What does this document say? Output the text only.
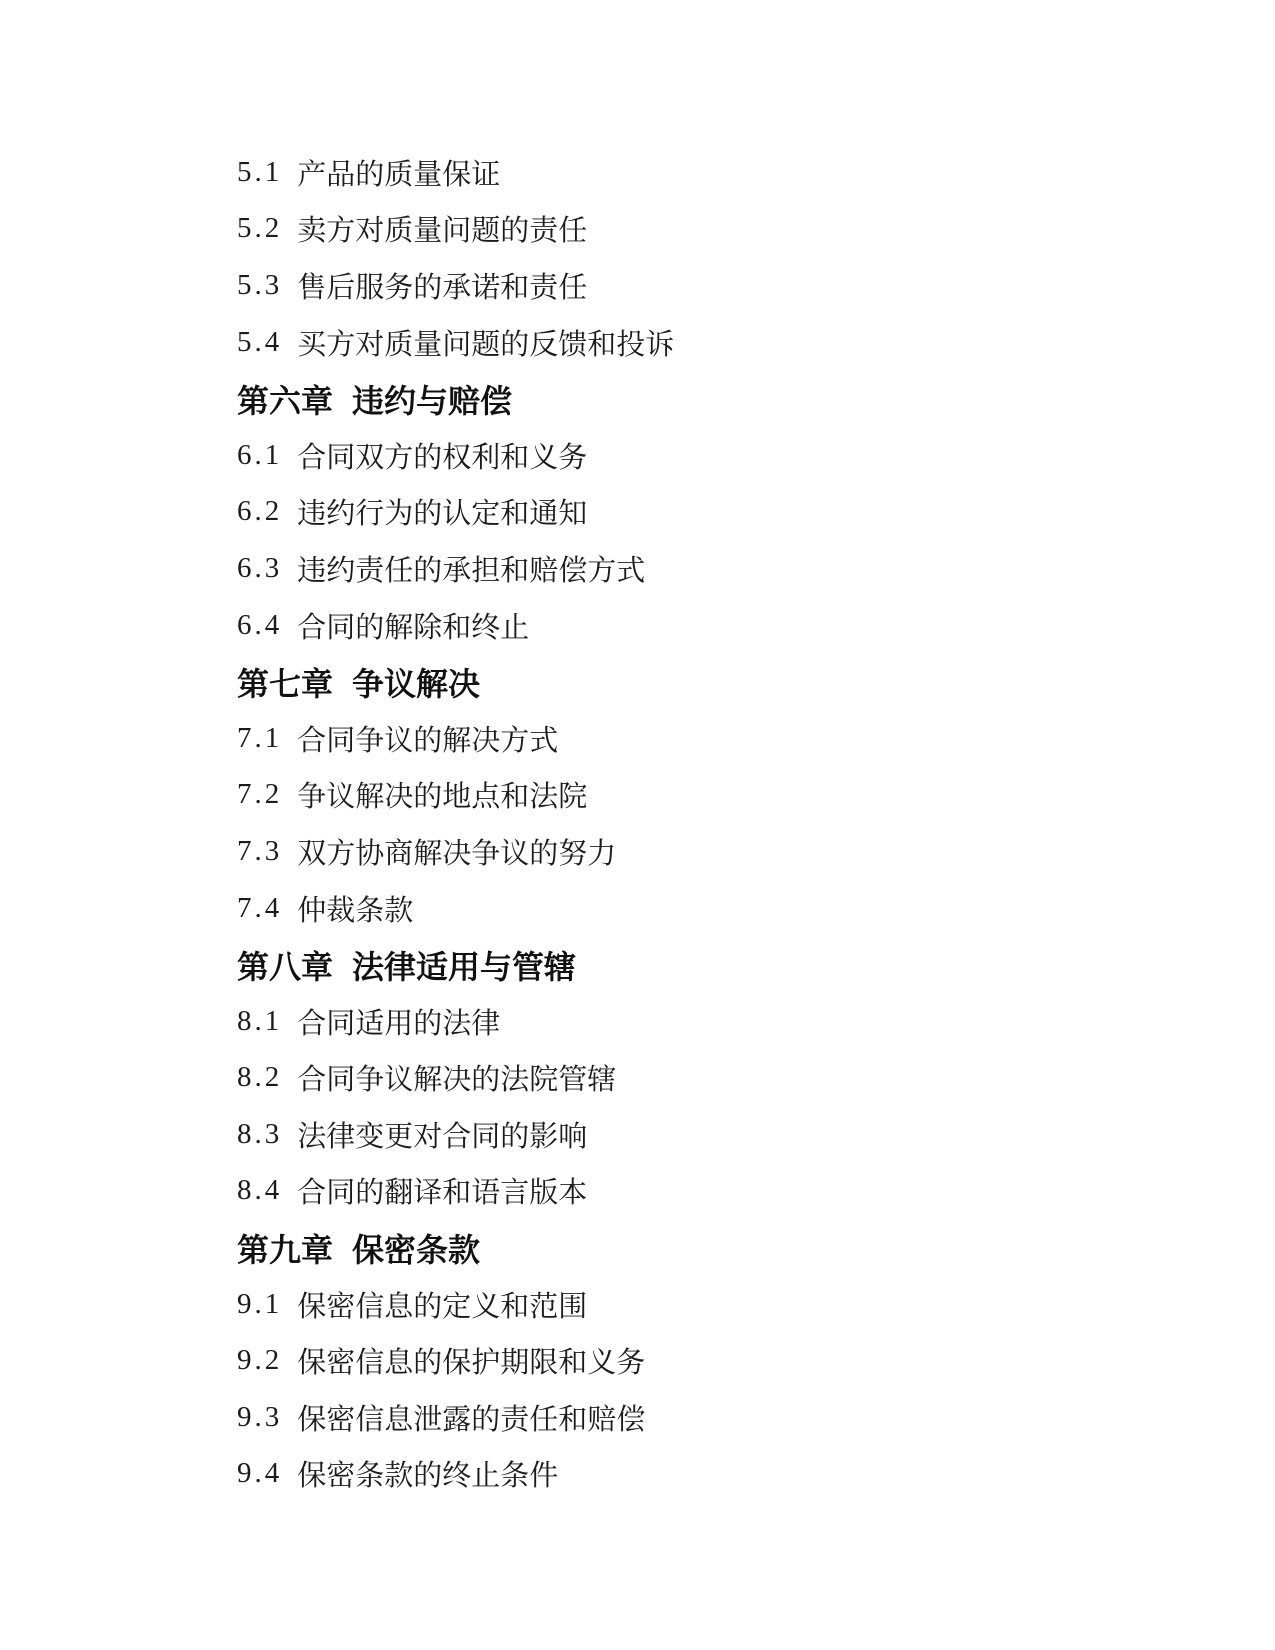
5.1 产品的质量保证
5.2 卖方对质量问题的责任
5.3 售后服务的承诺和责任
5.4 买方对质量问题的反馈和投诉
第六章 违约与赔偿
6.1 合同双方的权利和义务
6.2 违约行为的认定和通知
6.3 违约责任的承担和赔偿方式
6.4 合同的解除和终止
第七章 争议解决
7.1 合同争议的解决方式
7.2 争议解决的地点和法院
7.3 双方协商解决争议的努力
7.4 仲裁条款
第八章 法律适用与管辖
8.1 合同适用的法律
8.2 合同争议解决的法院管辖
8.3 法律变更对合同的影响
8.4 合同的翻译和语言版本
第九章 保密条款
9.1 保密信息的定义和范围
9.2 保密信息的保护期限和义务
9.3 保密信息泄露的责任和赔偿
9.4 保密条款的终止条件
